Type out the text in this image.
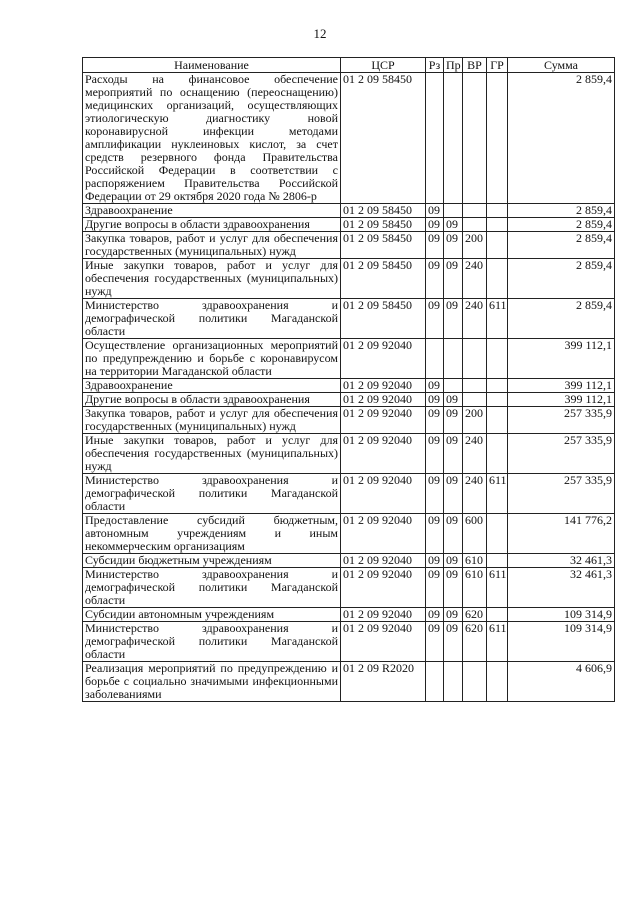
12
Наименование	ЦСР	Рз	Пр	ВР	ГР	Сумма
Расходы на финансовое обеспечение мероприятий по оснащению (переоснащению) медицинских организаций, осуществляющих этиологическую диагностику новой коронавирусной инфекции методами амплификации нуклеиновых кислот, за счет средств резервного фонда Правительства Российской Федерации в соответствии с распоряжением Правительства Российской Федерации от 29 октября 2020 года № 2806-р	01 2 09 58450					2 859,4
Здравоохранение	01 2 09 58450	09				2 859,4
Другие вопросы в области здравоохранения	01 2 09 58450	09	09			2 859,4
Закупка товаров, работ и услуг для обеспечения государственных (муниципальных) нужд	01 2 09 58450	09	09	200		2 859,4
Иные закупки товаров, работ и услуг для обеспечения государственных (муниципальных) нужд	01 2 09 58450	09	09	240		2 859,4
Министерство здравоохранения и демографической политики Магаданской области	01 2 09 58450	09	09	240	611	2 859,4
Осуществление организационных мероприятий по предупреждению и борьбе с коронавирусом на территории Магаданской области	01 2 09 92040					399 112,1
Здравоохранение	01 2 09 92040	09				399 112,1
Другие вопросы в области здравоохранения	01 2 09 92040	09	09			399 112,1
Закупка товаров, работ и услуг для обеспечения государственных (муниципальных) нужд	01 2 09 92040	09	09	200		257 335,9
Иные закупки товаров, работ и услуг для обеспечения государственных (муниципальных) нужд	01 2 09 92040	09	09	240		257 335,9
Министерство здравоохранения и демографической политики Магаданской области	01 2 09 92040	09	09	240	611	257 335,9
Предоставление субсидий бюджетным, автономным учреждениям и иным некоммерческим организациям	01 2 09 92040	09	09	600		141 776,2
Субсидии бюджетным учреждениям	01 2 09 92040	09	09	610		32 461,3
Министерство здравоохранения и демографической политики Магаданской области	01 2 09 92040	09	09	610	611	32 461,3
Субсидии автономным учреждениям	01 2 09 92040	09	09	620		109 314,9
Министерство здравоохранения и демографической политики Магаданской области	01 2 09 92040	09	09	620	611	109 314,9
Реализация мероприятий по предупреждению и борьбе с социально значимыми инфекционными заболеваниями	01 2 09 R2020					4 606,9
